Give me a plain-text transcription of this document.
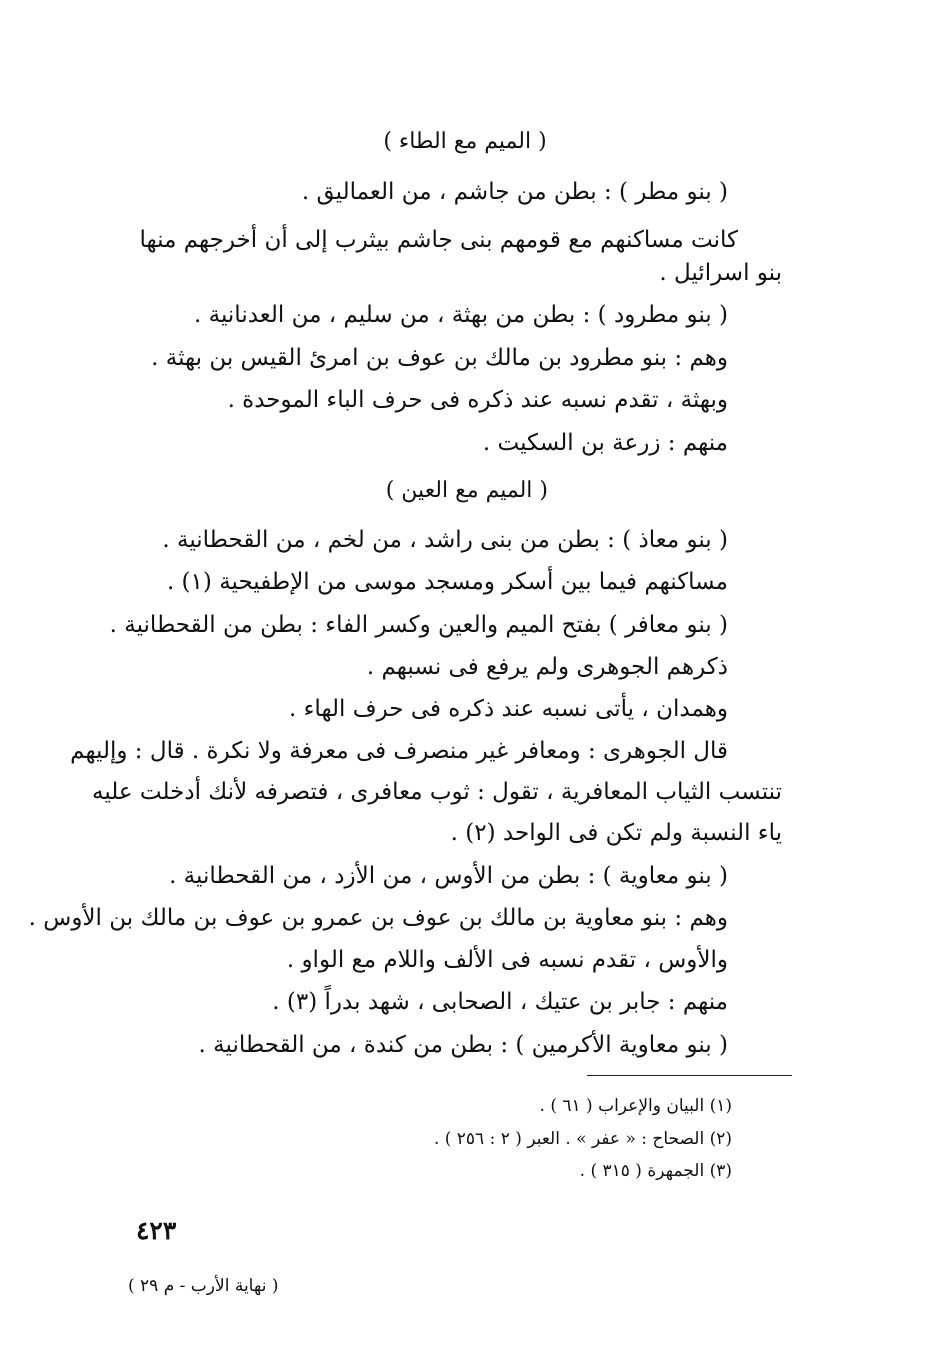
( الميم مع الطاء )
( بنو مطر ) : بطن من جاشم ، من العماليق .
كانت مساكنهم مع قومهم بنى جاشم بيثرب إلى أن أخرجهم منها
بنو اسرائيل .
( بنو مطرود ) : بطن من بهثة ، من سليم ، من العدنانية .
وهم : بنو مطرود بن مالك بن عوف بن امرئ القيس بن بهثة .
وبهثة ، تقدم نسبه عند ذكره فى حرف الباء الموحدة .
منهم : زرعة بن السكيت .
( الميم مع العين )
( بنو معاذ ) : بطن من بنى راشد ، من لخم ، من القحطانية .
مساكنهم فيما بين أسكر ومسجد موسى من الإطفيحية (١) .
( بنو معافر ) بفتح الميم والعين وكسر الفاء : بطن من القحطانية .
ذكرهم الجوهرى ولم يرفع فى نسبهم .
وهمدان ، يأتى نسبه عند ذكره فى حرف الهاء .
قال الجوهرى : ومعافر غير منصرف فى معرفة ولا نكرة . قال : وإليهم
تنتسب الثياب المعافرية ، تقول : ثوب معافرى ، فتصرفه لأنك أدخلت عليه
ياء النسبة ولم تكن فى الواحد (٢) .
( بنو معاوية ) : بطن من الأوس ، من الأزد ، من القحطانية .
وهم : بنو معاوية بن مالك بن عوف بن عمرو بن عوف بن مالك بن الأوس .
والأوس ، تقدم نسبه فى الألف واللام مع الواو .
منهم : جابر بن عتيك ، الصحابى ، شهد بدراً (٣) .
( بنو معاوية الأكرمين ) : بطن من كندة ، من القحطانية .
(١) البيان والإعراب ( ٦١ ) .
(٢) الصحاح : « عفر » . العبر ( ٢ : ٢٥٦ ) .
(٣) الجمهرة ( ٣١٥ ) .
٤٢٣
( نهاية الأرب - م ٢٩ )
